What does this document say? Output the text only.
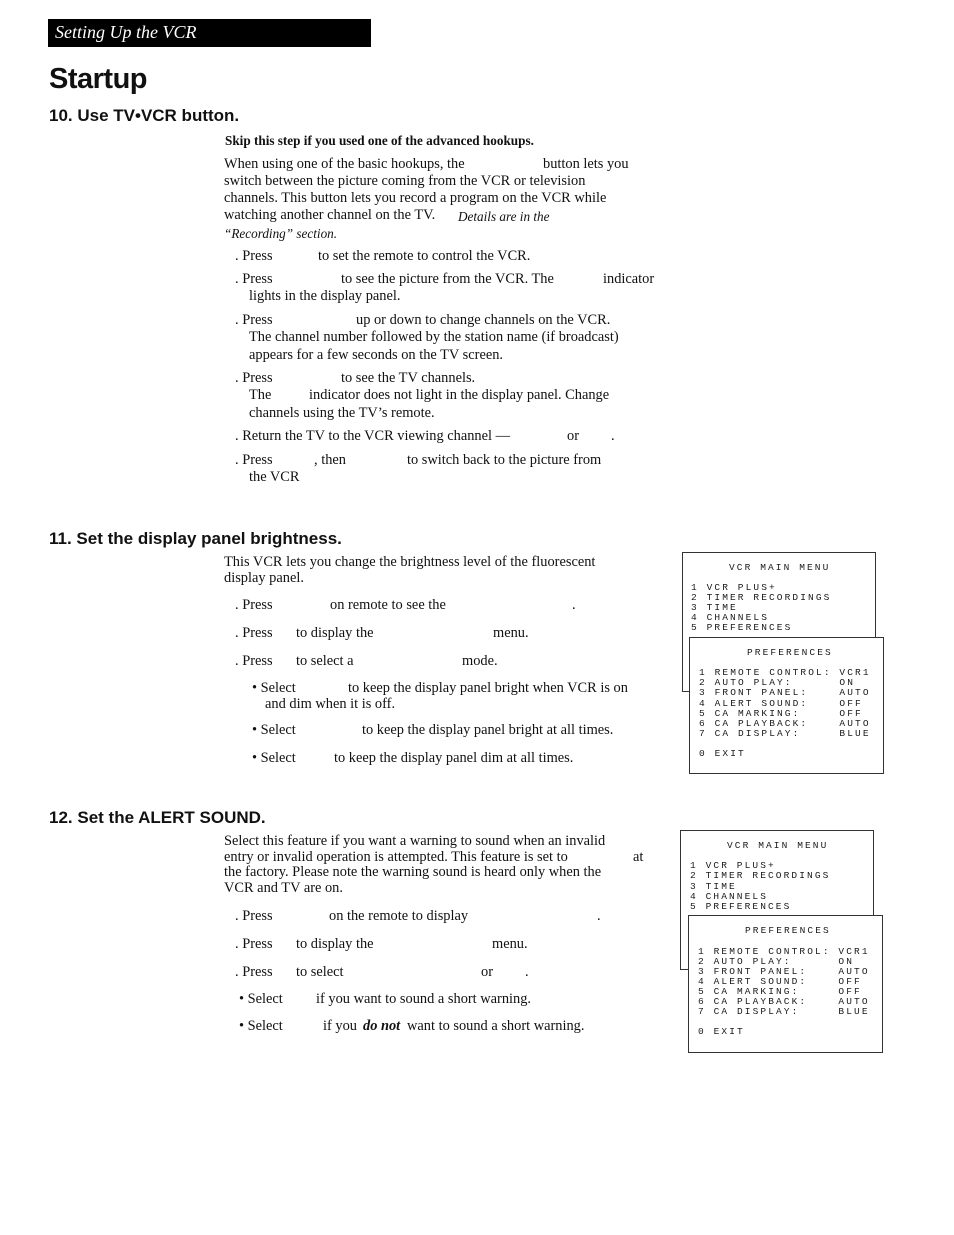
Setting Up the VCR
Startup
10. Use TV•VCR button.
Skip this step if you used one of the advanced hookups.
When using one of the basic hookups, the	button lets you
switch between the picture coming from the VCR or television
channels. This button lets you record a program on the VCR while
watching another channel on the TV. Details are in the
“Recording” section.
. Press	to set the remote to control the VCR.
. Press	to see the picture from the VCR. The	indicator
lights in the display panel.
. Press	up or down to change channels on the VCR.
The channel number followed by the station name (if broadcast)
appears for a few seconds on the TV screen.
. Press	to see the TV channels.
The	indicator does not light in the display panel. Change
channels using the TV’s remote.
. Return the TV to the VCR viewing channel —	or .
. Press	, then	to switch back to the picture from
the VCR
11. Set the display panel brightness.
This VCR lets you change the brightness level of the fluorescent
display panel.
. Press	on remote to see the	.
. Press to display the	menu.
. Press to select a	mode.
• Select	to keep the display panel bright when VCR is on
and dim when it is off.
• Select	to keep the display panel bright at all times.
• Select	to keep the display panel dim at all times.

VCR MAIN MENU

1 VCR PLUS+

2 TIMER RECORDINGS

3 TIME

4 CHANNELS

5 PREFERENCES

PREFERENCES

1 REMOTE CONTROL: VCR1

2 AUTO PLAY:      ON

3 FRONT PANEL:    AUTO

4 ALERT SOUND:    OFF

5 CA MARKING:     OFF

6 CA PLAYBACK:    AUTO

7 CA DISPLAY:     BLUE

0 EXIT

12. Set the ALERT SOUND.
Select this feature if you want a warning to sound when an invalid
entry or invalid operation is attempted. This feature is set to	at
the factory. Please note the warning sound is heard only when the
VCR and TV are on.
. Press	on the remote to display	.
. Press to display the	menu.
. Press to select	or .
• Select if you want to sound a short warning.
• Select	if you do not want to sound a short warning.

VCR MAIN MENU

1 VCR PLUS+

2 TIMER RECORDINGS

3 TIME

4 CHANNELS

5 PREFERENCES

PREFERENCES

1 REMOTE CONTROL: VCR1

2 AUTO PLAY:      ON

3 FRONT PANEL:    AUTO

4 ALERT SOUND:    OFF

5 CA MARKING:     OFF

6 CA PLAYBACK:    AUTO

7 CA DISPLAY:     BLUE

0 EXIT
